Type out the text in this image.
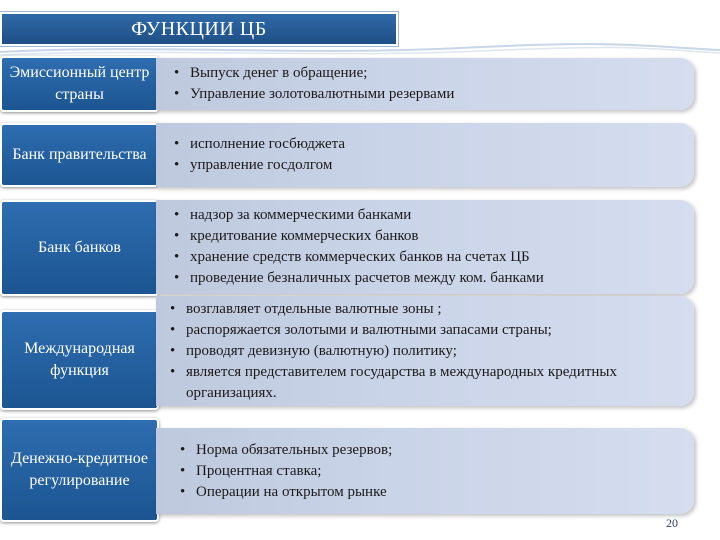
ФУНКЦИИ ЦБ
Эмиссионный центр страны
• Выпуск денег в обращение;
• Управление золотовалютными резервами
Банк правительства
• исполнение госбюджета
• управление госдолгом
Банк банков
• надзор за коммерческими банками
• кредитование коммерческих банков
• хранение средств коммерческих банков на счетах ЦБ
• проведение безналичных расчетов между ком. банками
Международная функция
• возглавляет отдельные валютные зоны ;
• распоряжается золотыми и валютными запасами страны;
• проводят девизную (валютную) политику;
• является представителем государства в международных кредитных организациях.
Денежно-кредитное регулирование
• Норма обязательных резервов;
• Процентная ставка;
• Операции на открытом рынке
20
